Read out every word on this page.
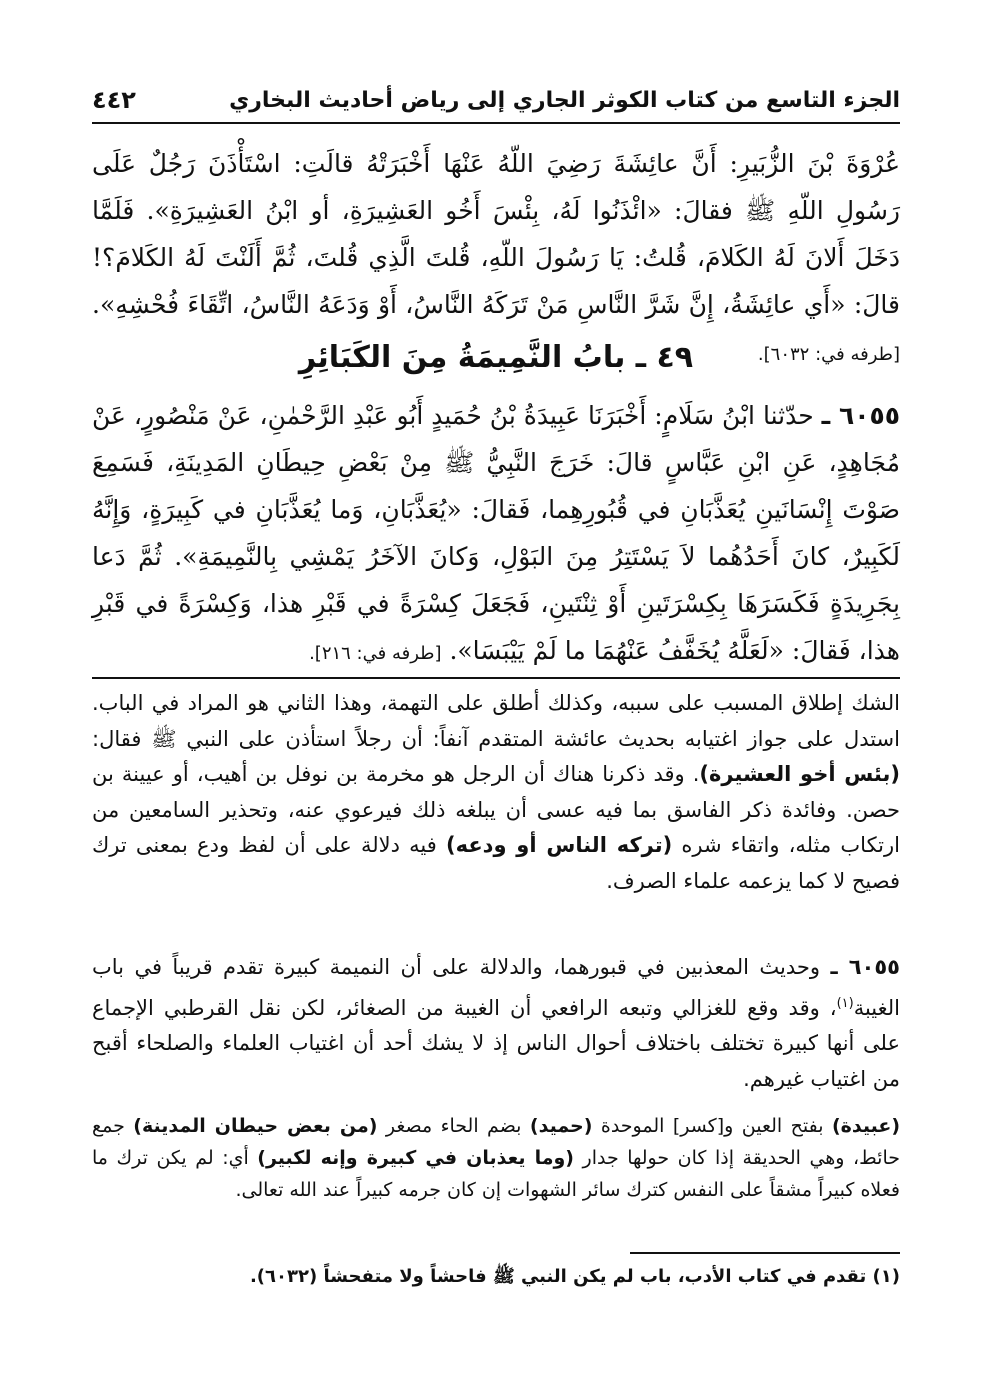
الجزء التاسع من كتاب الكوثر الجاري إلى رياض أحاديث البخاري
٤٤٢
عُرْوَةَ بْنَ الزُّبَيرِ: أَنَّ عائِشَةَ رَضِيَ اللّهُ عَنْهَا أَخْبَرَتْهُ قالَتِ: اسْتَأْذَنَ رَجُلٌ عَلَى رَسُولِ اللّهِ ﷺ فقالَ: «ائْذَنُوا لَهُ، بِئْسَ أَخُو العَشِيرَةِ، أو ابْنُ العَشِيرَةِ». فَلَمَّا دَخَلَ أَلانَ لَهُ الكَلامَ، قُلتُ: يَا رَسُولَ اللّهِ، قُلتَ الَّذِي قُلتَ، ثُمَّ أَلَنْتَ لَهُ الكَلامَ؟! قالَ: «أَي عائِشَةُ، إِنَّ شَرَّ النَّاسِ مَنْ تَرَكَهُ النَّاسُ، أَوْ وَدَعَهُ النَّاسُ، اتِّقَاءَ فُحْشِهِ». [طرفه في: ٦٠٣٢].
٤٩ ـ بابُ النَّمِيمَةُ مِنَ الكَبَائِرِ
٦٠٥٥ ـ حدّثنا ابْنُ سَلَامٍ: أَخْبَرَنَا عَبِيدَةُ بْنُ حُمَيدٍ أَبُو عَبْدِ الرَّحْمٰنِ، عَنْ مَنْصُورٍ، عَنْ مُجَاهِدٍ، عَنِ ابْنِ عَبَّاسٍ قالَ: خَرَجَ النَّبِيُّ ﷺ مِنْ بَعْضِ حِيطَانِ المَدِينَةِ، فَسَمِعَ صَوْتَ إِنْسَانَينِ يُعَذَّبَانِ في قُبُورِهِما، فَقالَ: «يُعَذَّبَانِ، وَما يُعَذَّبَانِ في كَبِيرَةٍ، وَإِنَّهُ لَكَبِيرٌ، كانَ أَحَدُهُما لاَ يَسْتَتِرُ مِنَ البَوْلِ، وَكانَ الآخَرُ يَمْشِي بِالنَّمِيمَةِ». ثُمَّ دَعا بِجَرِيدَةٍ فَكَسَرَهَا بِكِسْرَتَينِ أَوْ ثِنْتَينِ، فَجَعَلَ كِسْرَةً في قَبْرِ هذا، وَكِسْرَةً في قَبْرِ هذا، فَقالَ: «لَعَلَّهُ يُخَفَّفُ عَنْهُمَا ما لَمْ يَيْبَسَا». [طرفه في: ٢١٦].
الشك إطلاق المسبب على سببه، وكذلك أطلق على التهمة، وهذا الثاني هو المراد في الباب. استدل على جواز اغتيابه بحديث عائشة المتقدم آنفاً: أن رجلاً استأذن على النبي ﷺ فقال: (بئس أخو العشيرة). وقد ذكرنا هناك أن الرجل هو مخرمة بن نوفل بن أهيب، أو عيينة بن حصن. وفائدة ذكر الفاسق بما فيه عسى أن يبلغه ذلك فيرعوي عنه، وتحذير السامعين من ارتكاب مثله، واتقاء شره (تركه الناس أو ودعه) فيه دلالة على أن لفظ ودع بمعنى ترك فصيح لا كما يزعمه علماء الصرف.
٦٠٥٥ ـ وحديث المعذبين في قبورهما، والدلالة على أن النميمة كبيرة تقدم قريباً في باب الغيبة$^{(١)}$، وقد وقع للغزالي وتبعه الرافعي أن الغيبة من الصغائر، لكن نقل القرطبي الإجماع على أنها كبيرة تختلف باختلاف أحوال الناس إذ لا يشك أحد أن اغتياب العلماء والصلحاء أقبح من اغتياب غيرهم.
(عبيدة) بفتح العين و[كسر] الموحدة (حميد) بضم الحاء مصغر (من بعض حيطان المدينة) جمع حائط، وهي الحديقة إذا كان حولها جدار (وما يعذبان في كبيرة وإنه لكبير) أي: لم يكن ترك ما فعلاه كبيراً مشقاً على النفس كترك سائر الشهوات إن كان جرمه كبيراً عند الله تعالى.
(١) تقدم في كتاب الأدب، باب لم يكن النبي ﷺ فاحشاً ولا متفحشاً (٦٠٣٢).
